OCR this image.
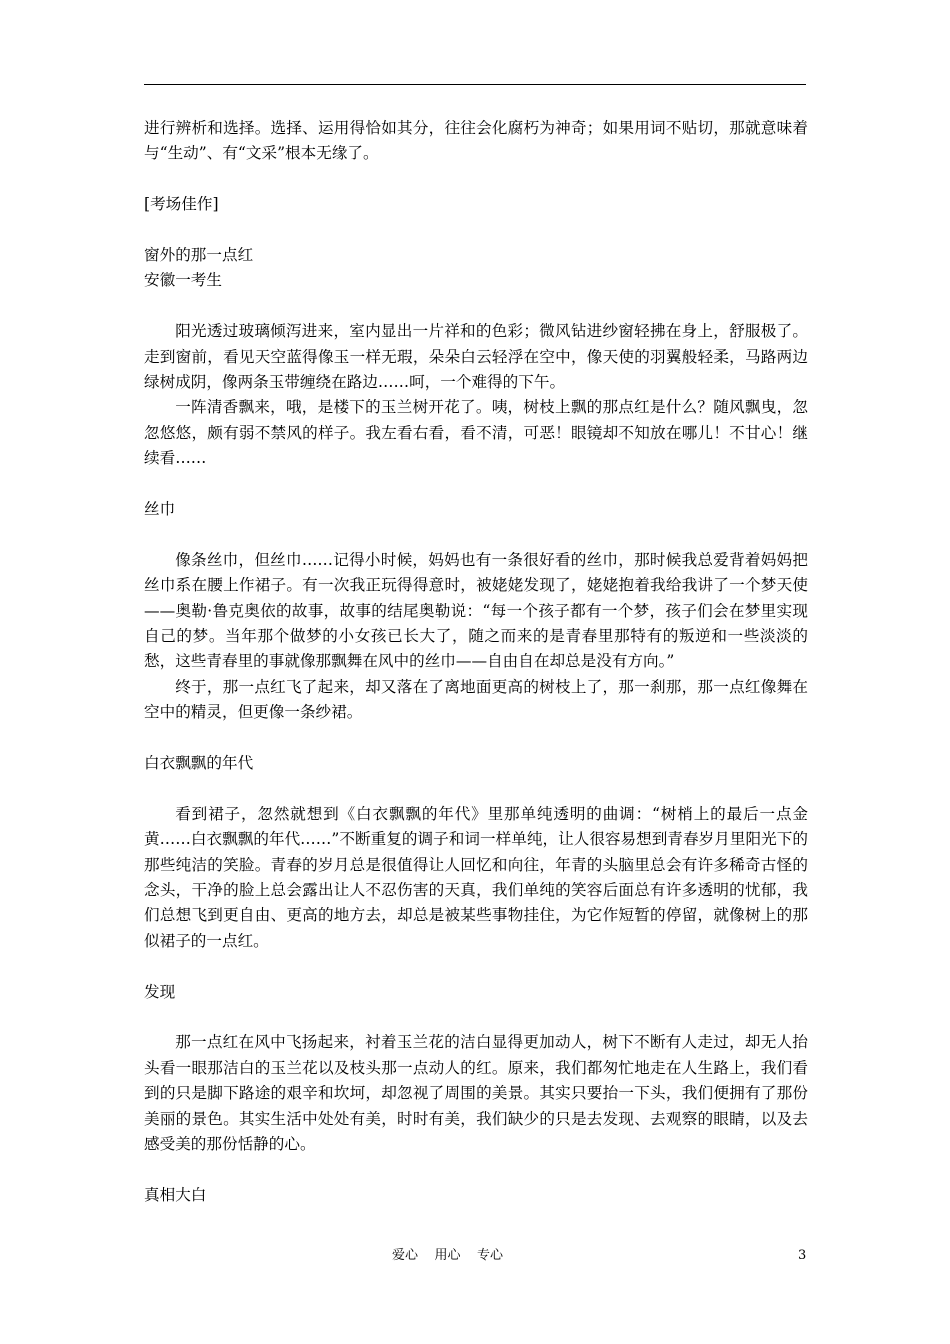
进行辨析和选择。选择、运用得恰如其分，往往会化腐朽为神奇；如果用词不贴切，那就意味着与“生动”、有“文采”根本无缘了。

[考场佳作]

窗外的那一点红

安徽一考生

阳光透过玻璃倾泻进来，室内显出一片祥和的色彩；微风钻进纱窗轻拂在身上，舒服极了。走到窗前，看见天空蓝得像玉一样无瑕，朵朵白云轻浮在空中，像天使的羽翼般轻柔，马路两边绿树成阴，像两条玉带缠绕在路边……呵，一个难得的下午。

一阵清香飘来，哦，是楼下的玉兰树开花了。咦，树枝上飘的那点红是什么？随风飘曳，忽忽悠悠，颇有弱不禁风的样子。我左看右看，看不清，可恶！眼镜却不知放在哪儿！不甘心！继续看……

丝巾

像条丝巾，但丝巾……记得小时候，妈妈也有一条很好看的丝巾，那时候我总爱背着妈妈把丝巾系在腰上作裙子。有一次我正玩得得意时，被姥姥发现了，姥姥抱着我给我讲了一个梦天使——奥勒·鲁克奥依的故事，故事的结尾奥勒说：“每一个孩子都有一个梦，孩子们会在梦里实现自己的梦。当年那个做梦的小女孩已长大了，随之而来的是青春里那特有的叛逆和一些淡淡的愁，这些青春里的事就像那飘舞在风中的丝巾——自由自在却总是没有方向。”

终于，那一点红飞了起来，却又落在了离地面更高的树枝上了，那一刹那，那一点红像舞在空中的精灵，但更像一条纱裙。

白衣飘飘的年代

看到裙子，忽然就想到《白衣飘飘的年代》里那单纯透明的曲调：“树梢上的最后一点金黄……白衣飘飘的年代……”不断重复的调子和词一样单纯，让人很容易想到青春岁月里阳光下的那些纯洁的笑脸。青春的岁月总是很值得让人回忆和向往，年青的头脑里总会有许多稀奇古怪的念头，干净的脸上总会露出让人不忍伤害的天真，我们单纯的笑容后面总有许多透明的忧郁，我们总想飞到更自由、更高的地方去，却总是被某些事物挂住，为它作短暂的停留，就像树上的那似裙子的一点红。

发现

那一点红在风中飞扬起来，衬着玉兰花的洁白显得更加动人，树下不断有人走过，却无人抬头看一眼那洁白的玉兰花以及枝头那一点动人的红。原来，我们都匆忙地走在人生路上，我们看到的只是脚下路途的艰辛和坎坷，却忽视了周围的美景。其实只要抬一下头，我们便拥有了那份美丽的景色。其实生活中处处有美，时时有美，我们缺少的只是去发现、去观察的眼睛，以及去感受美的那份恬静的心。

真相大白

爱心    用心    专心	3
